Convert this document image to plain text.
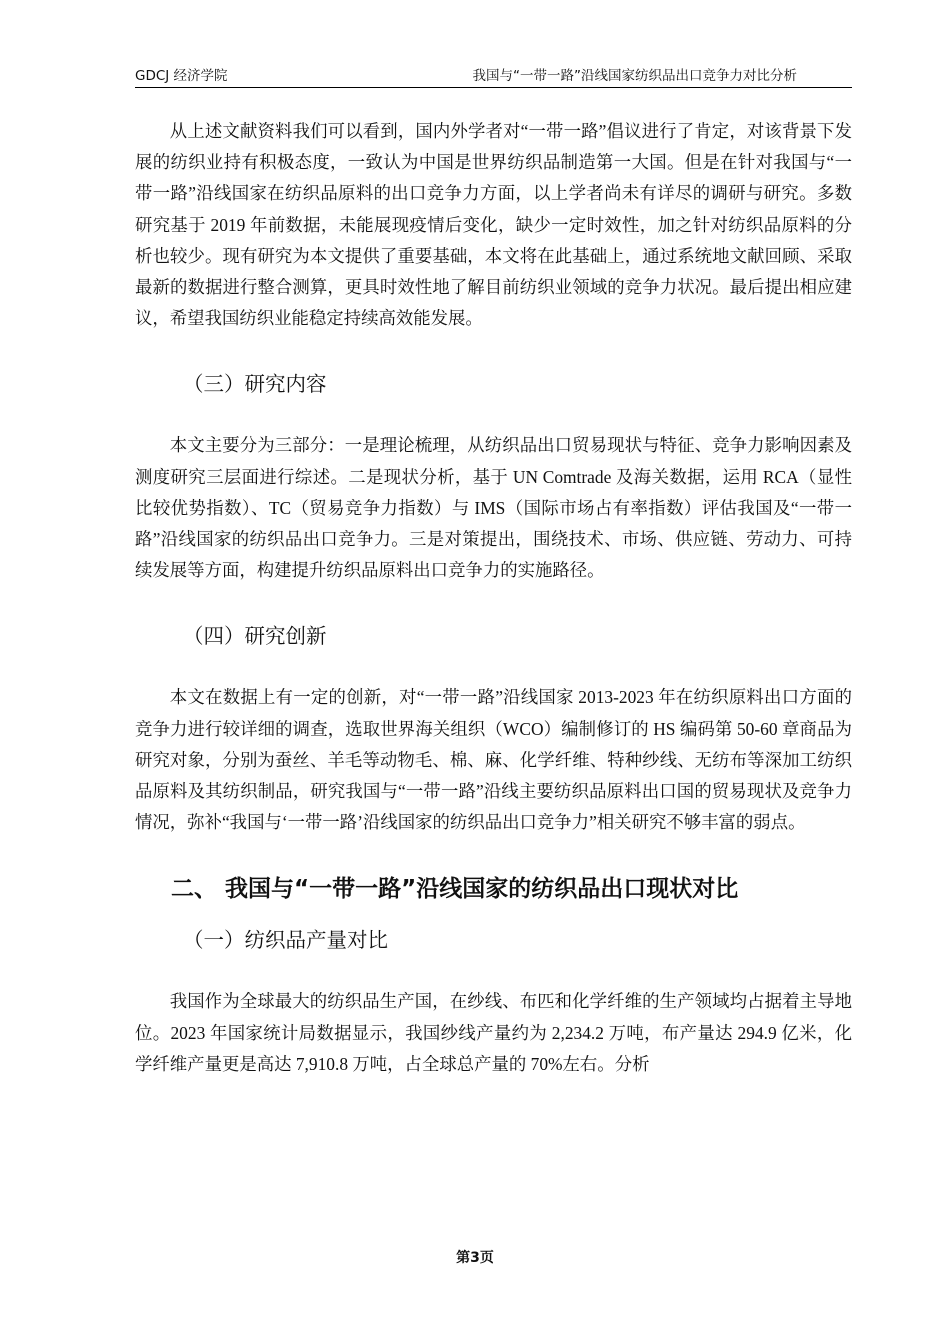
GDCJ 经济学院	我国与“一带一路”沿线国家纺织品出口竞争力对比分析

从上述文献资料我们可以看到，国内外学者对“一带一路”倡议进行了肯定，对该背景下发展的纺织业持有积极态度，一致认为中国是世界纺织品制造第一大国。但是在针对我国与“一带一路”沿线国家在纺织品原料的出口竞争力方面，以上学者尚未有详尽的调研与研究。多数研究基于 2019 年前数据，未能展现疫情后变化，缺少一定时效性，加之针对纺织品原料的分析也较少。现有研究为本文提供了重要基础，本文将在此基础上，通过系统地文献回顾、采取最新的数据进行整合测算，更具时效性地了解目前纺织业领域的竞争力状况。最后提出相应建议，希望我国纺织业能稳定持续高效能发展。

（三）研究内容

本文主要分为三部分：一是理论梳理，从纺织品出口贸易现状与特征、竞争力影响因素及测度研究三层面进行综述。二是现状分析，基于 UN Comtrade 及海关数据，运用 RCA（显性比较优势指数）、TC（贸易竞争力指数）与 IMS（国际市场占有率指数）评估我国及“一带一路”沿线国家的纺织品出口竞争力。三是对策提出，围绕技术、市场、供应链、劳动力、可持续发展等方面，构建提升纺织品原料出口竞争力的实施路径。

（四）研究创新

本文在数据上有一定的创新，对“一带一路”沿线国家 2013-2023 年在纺织原料出口方面的竞争力进行较详细的调查，选取世界海关组织（WCO）编制修订的 HS 编码第 50-60 章商品为研究对象，分别为蚕丝、羊毛等动物毛、棉、麻、化学纤维、特种纱线、无纺布等深加工纺织品原料及其纺织制品，研究我国与“一带一路”沿线主要纺织品原料出口国的贸易现状及竞争力情况，弥补“我国与‘一带一路’沿线国家的纺织品出口竞争力”相关研究不够丰富的弱点。

二、 我国与“一带一路”沿线国家的纺织品出口现状对比
（一）纺织品产量对比

我国作为全球最大的纺织品生产国，在纱线、布匹和化学纤维的生产领域均占据着主导地位。2023 年国家统计局数据显示，我国纱线产量约为 2,234.2 万吨，布产量达 294.9 亿米，化学纤维产量更是高达 7,910.8 万吨，占全球总产量的 70%左右。分析

第3页
